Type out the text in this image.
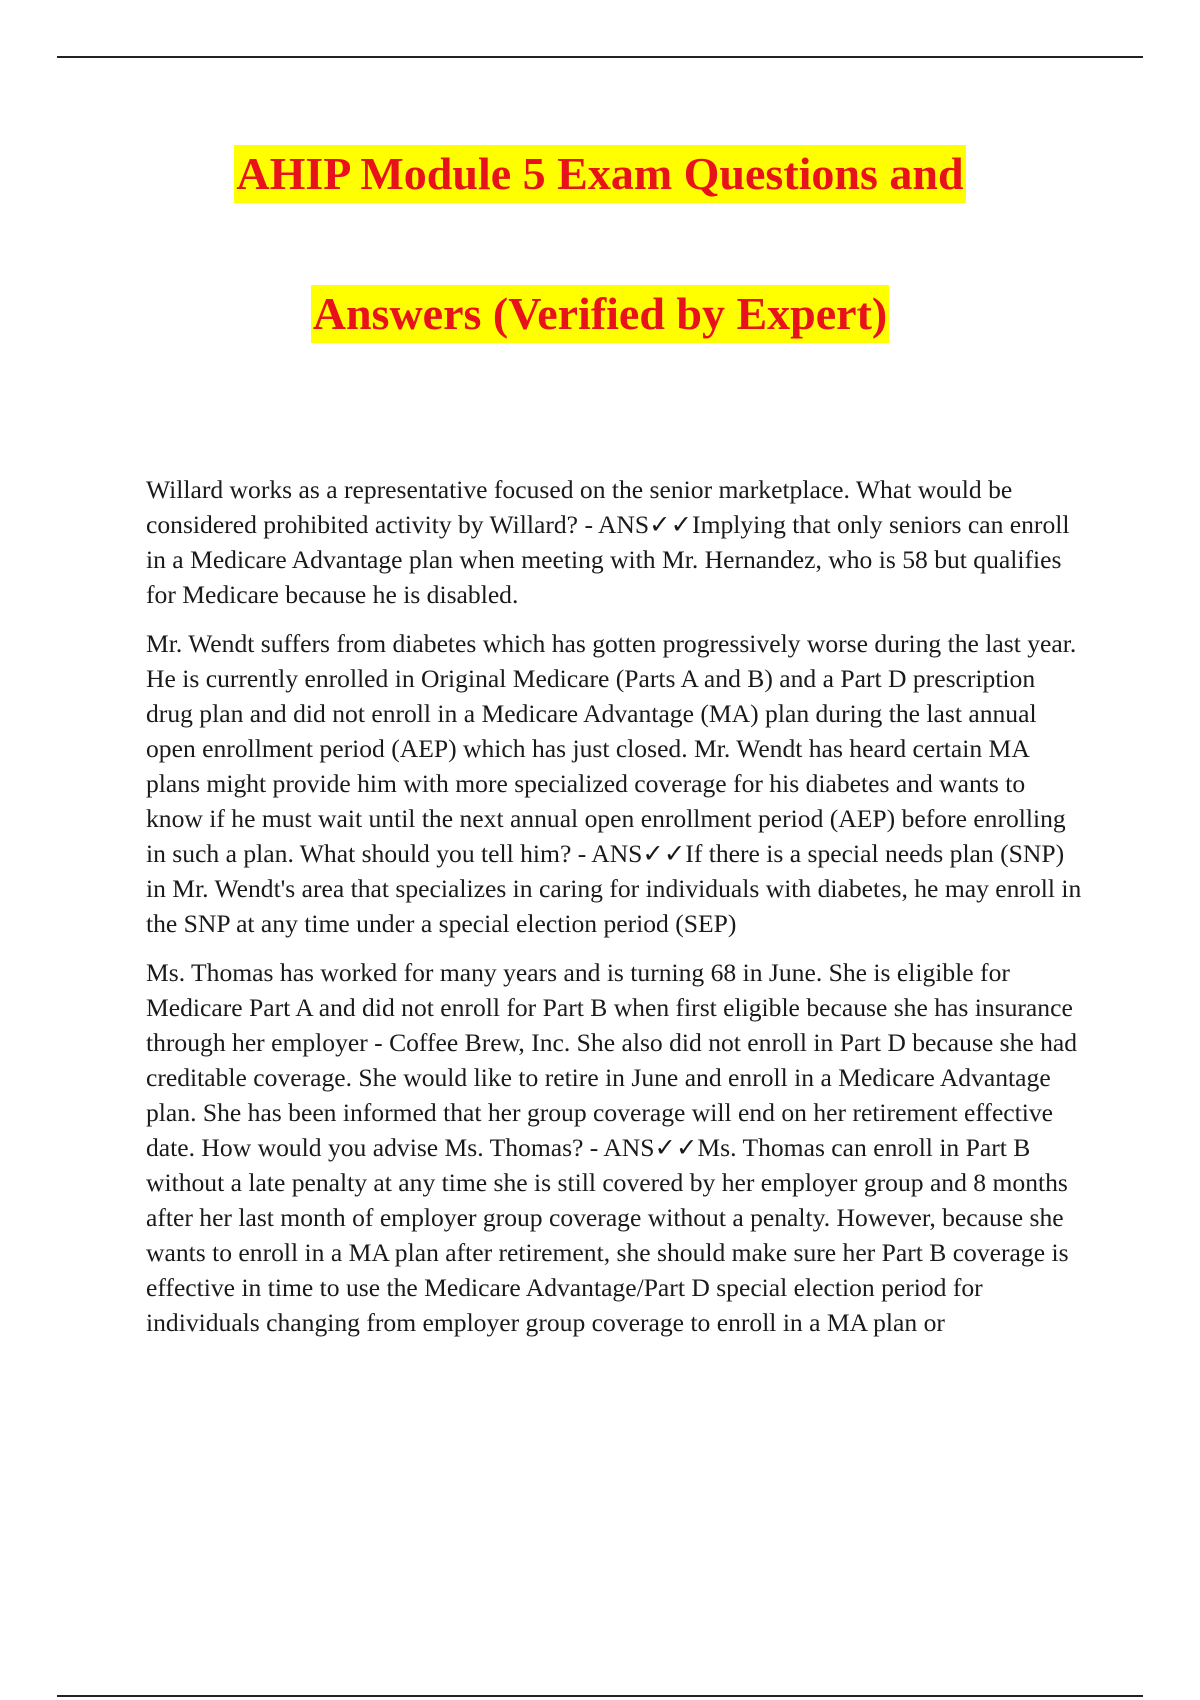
AHIP Module 5 Exam Questions and
Answers (Verified by Expert)

Willard works as a representative focused on the senior marketplace. What would be considered prohibited activity by Willard? - ANS✓✓Implying that only seniors can enroll in a Medicare Advantage plan when meeting with Mr. Hernandez, who is 58 but qualifies for Medicare because he is disabled.

Mr. Wendt suffers from diabetes which has gotten progressively worse during the last year. He is currently enrolled in Original Medicare (Parts A and B) and a Part D prescription drug plan and did not enroll in a Medicare Advantage (MA) plan during the last annual open enrollment period (AEP) which has just closed. Mr. Wendt has heard certain MA plans might provide him with more specialized coverage for his diabetes and wants to know if he must wait until the next annual open enrollment period (AEP) before enrolling in such a plan. What should you tell him? - ANS✓✓If there is a special needs plan (SNP) in Mr. Wendt's area that specializes in caring for individuals with diabetes, he may enroll in the SNP at any time under a special election period (SEP)

Ms. Thomas has worked for many years and is turning 68 in June. She is eligible for Medicare Part A and did not enroll for Part B when first eligible because she has insurance through her employer - Coffee Brew, Inc. She also did not enroll in Part D because she had creditable coverage. She would like to retire in June and enroll in a Medicare Advantage plan. She has been informed that her group coverage will end on her retirement effective date. How would you advise Ms. Thomas? - ANS✓✓Ms. Thomas can enroll in Part B without a late penalty at any time she is still covered by her employer group and 8 months after her last month of employer group coverage without a penalty. However, because she wants to enroll in a MA plan after retirement, she should make sure her Part B coverage is effective in time to use the Medicare Advantage/Part D special election period for individuals changing from employer group coverage to enroll in a MA plan or
